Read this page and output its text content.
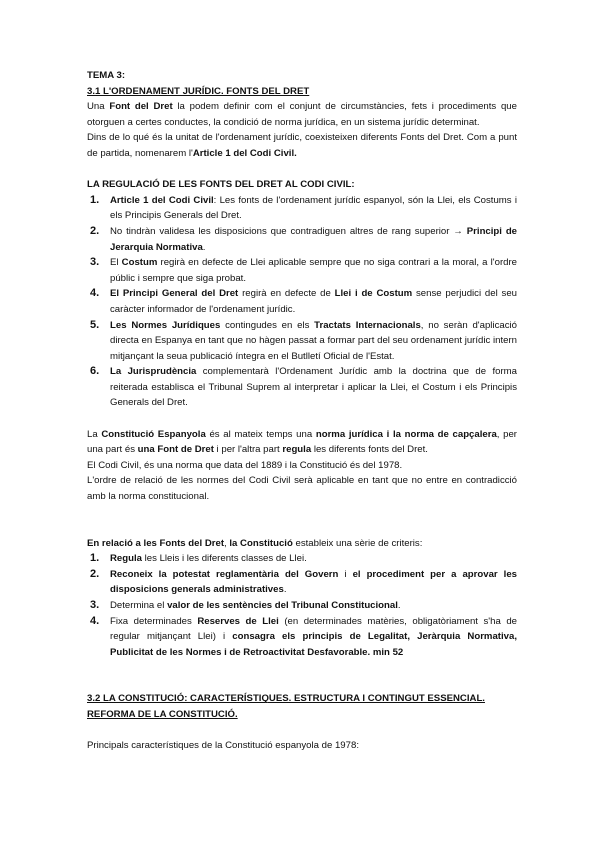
TEMA 3:

3.1 L'ORDENAMENT JURÍDIC. FONTS DEL DRET

Una Font del Dret la podem definir com el conjunt de circumstàncies, fets i procediments que otorguen a certes conductes, la condició de norma jurídica, en un sistema jurídic determinat.

Dins de lo qué és la unitat de l'ordenament jurídic, coexisteixen diferents Fonts del Dret. Com a punt de partida, nomenarem l'Article 1 del Codi Civil.

LA REGULACIÓ DE LES FONTS DEL DRET AL CODI CIVIL:

1. Article 1 del Codi Civil: Les fonts de l'ordenament jurídic espanyol, són la Llei, els Costums i els Principis Generals del Dret.
2. No tindràn validesa les disposicions que contradiguen altres de rang superior → Principi de Jerarquia Normativa.
3. El Costum regirà en defecte de Llei aplicable sempre que no siga contrari a la moral, a l'ordre públic i sempre que siga probat.
4. El Principi General del Dret regirà en defecte de Llei i de Costum sense perjudici del seu caràcter informador de l'ordenament jurídic.
5. Les Normes Jurídiques contingudes en els Tractats Internacionals, no seràn d'aplicació directa en Espanya en tant que no hàgen passat a formar part del seu ordenament jurídic intern mitjançant la seua publicació íntegra en el Butlletí Oficial de l'Estat.
6. La Jurisprudència complementarà l'Ordenament Jurídic amb la doctrina que de forma reiterada establisca el Tribunal Suprem al interpretar i aplicar la Llei, el Costum i els Principis Generals del Dret.

La Constitució Espanyola és al mateix temps una norma jurídica i la norma de capçalera, per una part és una Font de Dret i per l'altra part regula les diferents fonts del Dret.

El Codi Civil, és una norma que data del 1889 i la Constitució és del 1978.

L'ordre de relació de les normes del Codi Civil serà aplicable en tant que no entre en contradicció amb la norma constitucional.

En relació a les Fonts del Dret, la Constitució estableix una sèrie de criteris:

1. Regula les Lleis i les diferents classes de Llei.
2. Reconeix la potestat reglamentària del Govern i el procediment per a aprovar les disposicions generals administratives.
3. Determina el valor de les sentències del Tribunal Constitucional.
4. Fixa determinades Reserves de Llei (en determinades matèries, obligatòriament s'ha de regular mitjançant Llei) i consagra els principis de Legalitat, Jeràrquia Normativa, Publicitat de les Normes i de Retroactivitat Desfavorable. min 52

3.2 LA CONSTITUCIÓ: CARACTERÍSTIQUES. ESTRUCTURA I CONTINGUT ESSENCIAL. REFORMA DE LA CONSTITUCIÓ.

Principals característiques de la Constitució espanyola de 1978:
